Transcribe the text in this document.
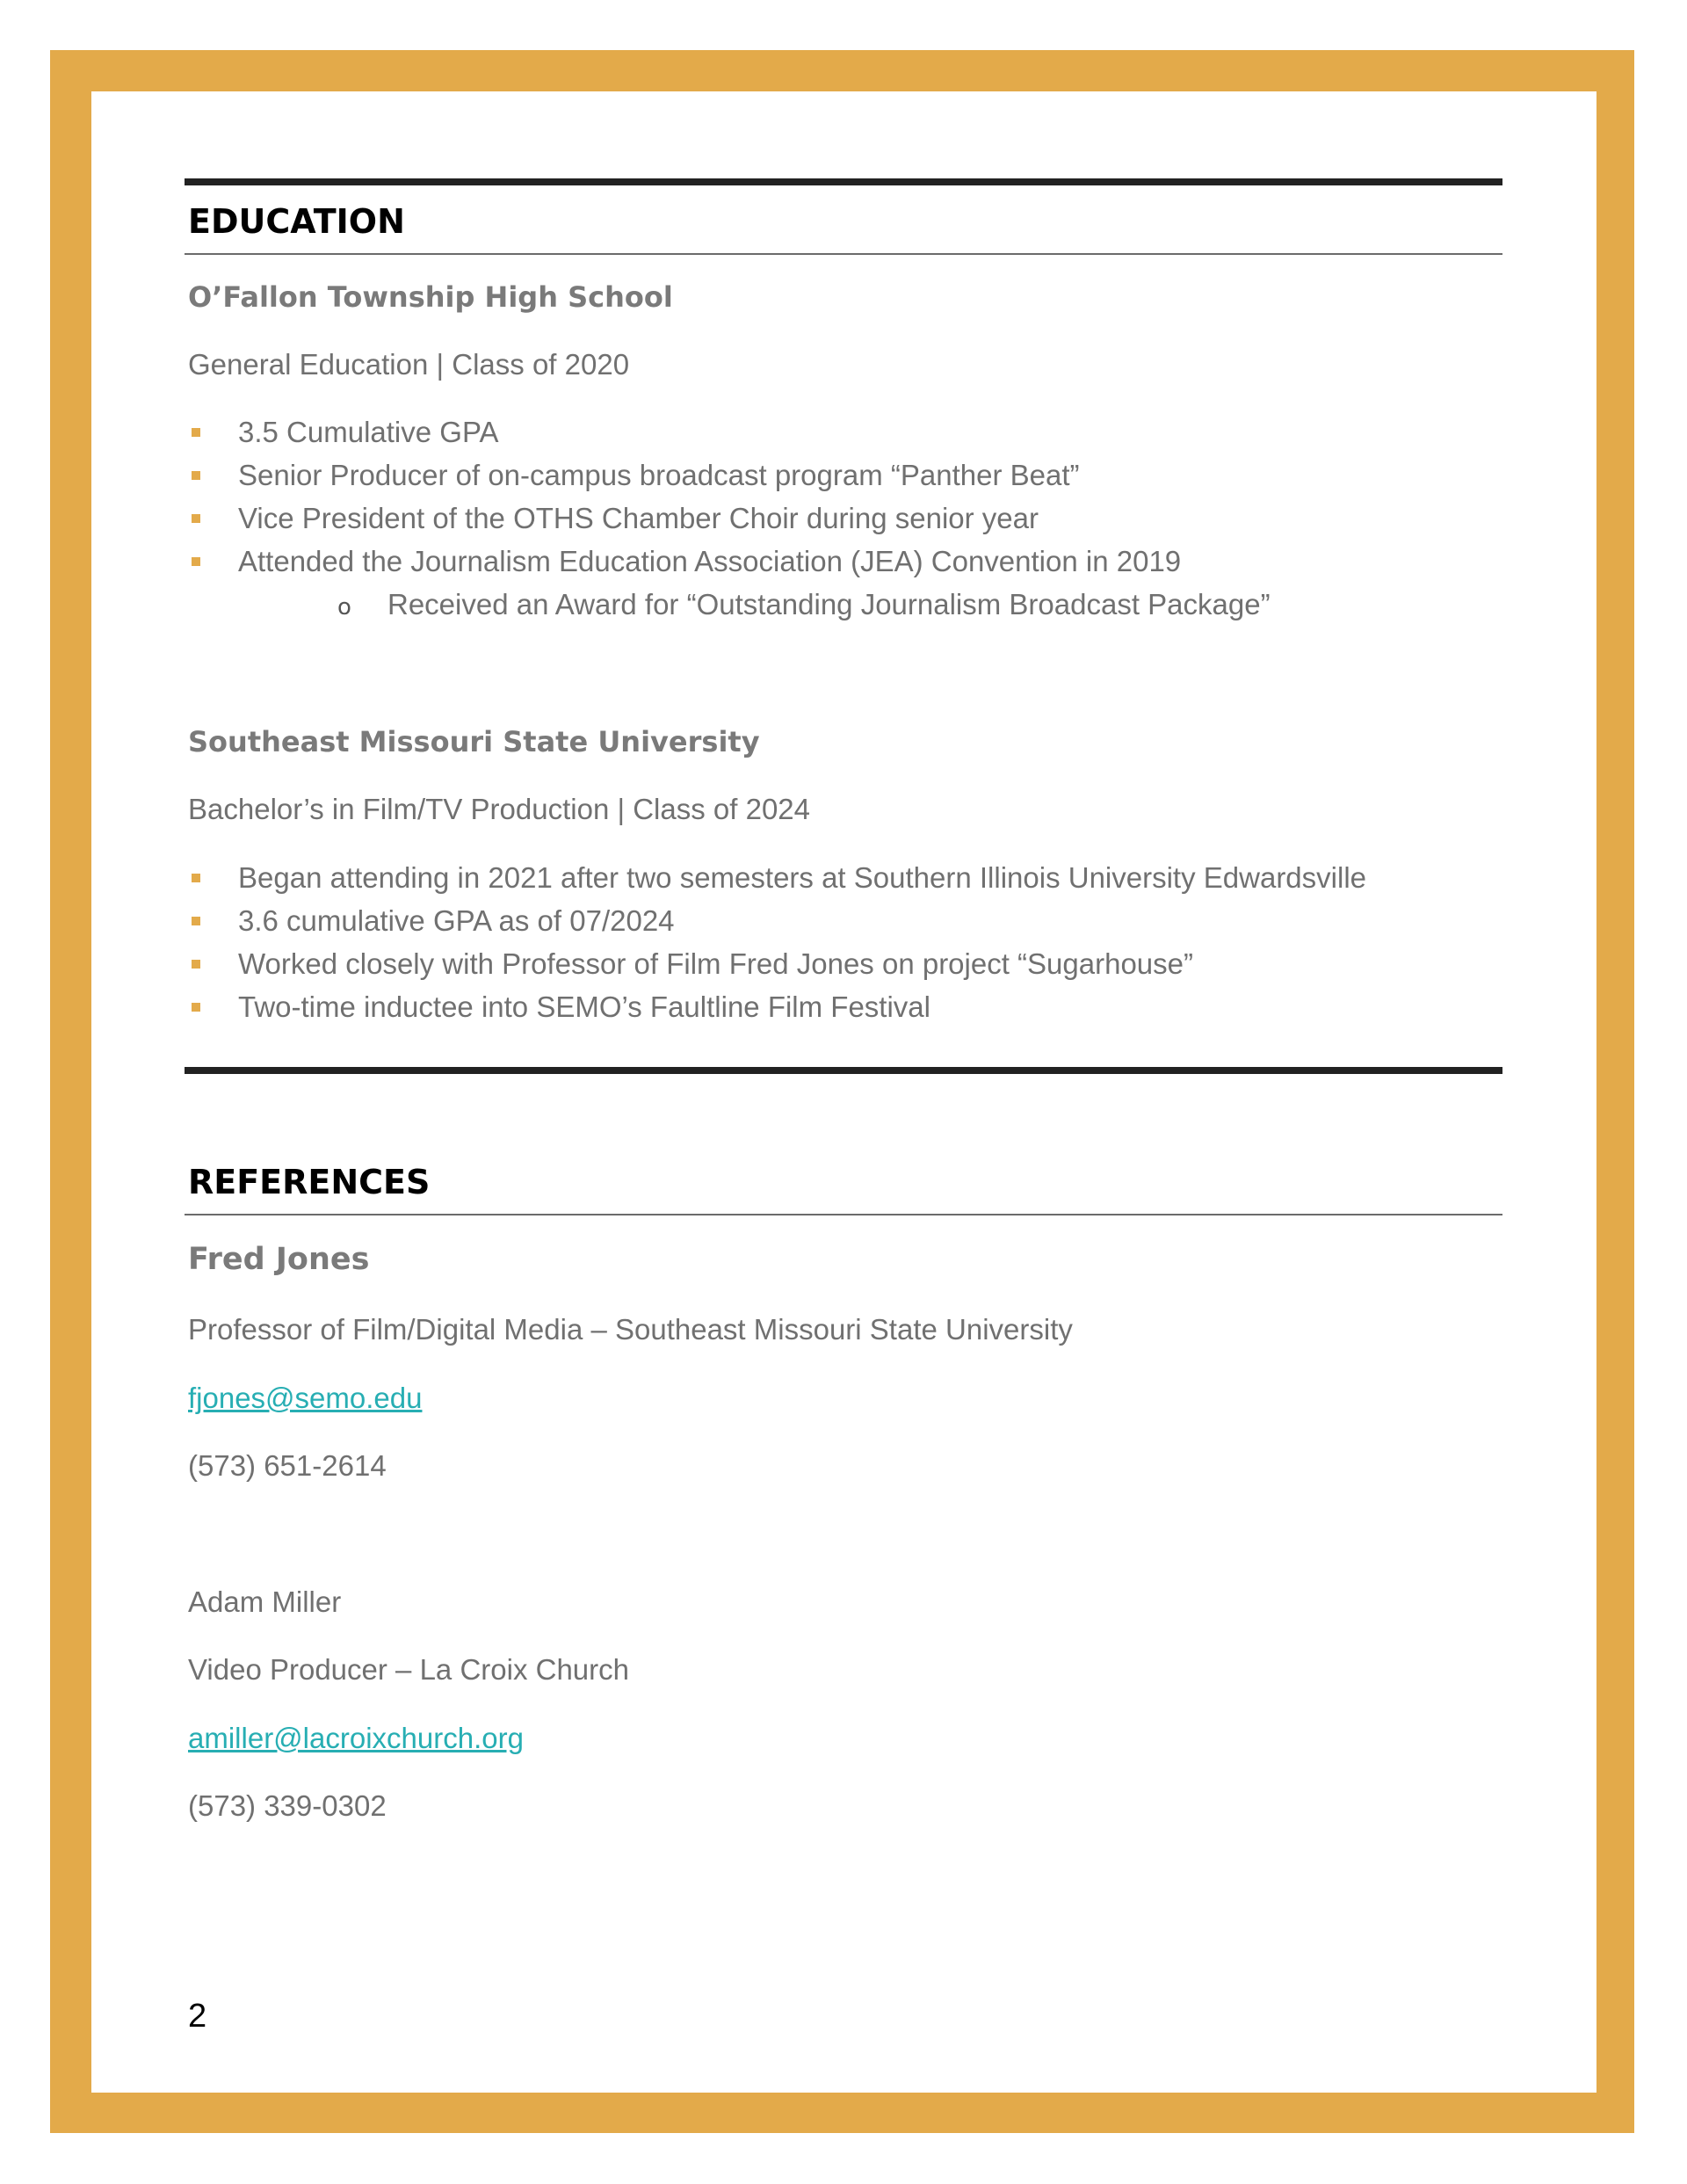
EDUCATION
O’Fallon Township High School
General Education | Class of 2020
3.5 Cumulative GPA
Senior Producer of on-campus broadcast program “Panther Beat”
Vice President of the OTHS Chamber Choir during senior year
Attended the Journalism Education Association (JEA) Convention in 2019
o Received an Award for “Outstanding Journalism Broadcast Package”
Southeast Missouri State University
Bachelor’s in Film/TV Production | Class of 2024
Began attending in 2021 after two semesters at Southern Illinois University Edwardsville
3.6 cumulative GPA as of 07/2024
Worked closely with Professor of Film Fred Jones on project “Sugarhouse”
Two-time inductee into SEMO’s Faultline Film Festival
REFERENCES
Fred Jones
Professor of Film/Digital Media – Southeast Missouri State University
fjones@semo.edu
(573) 651-2614
Adam Miller
Video Producer – La Croix Church
amiller@lacroixchurch.org
(573) 339-0302
2
